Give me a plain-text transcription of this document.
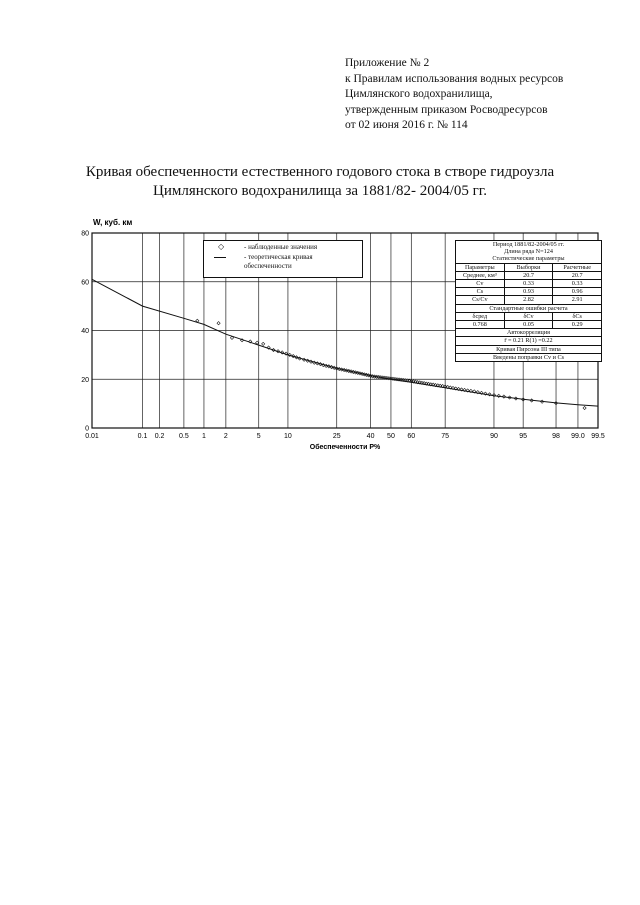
Приложение № 2
к Правилам использования водных ресурсов
Цимлянского водохранилища,
утвержденным приказом Росводресурсов
от 02 июня 2016 г. № 114
Кривая обеспеченности естественного годового стока в створе гидроузла
Цимлянского водохранилища за 1881/82- 2004/05 гг.
0.01	0.1 0.2 0.5 1	2	5	10	25	40 50 60	75	90	95	98 99.0 99.5
0
20
40
60
80
W, куб. км
Обеспеченности P%
◇	- наблюденные значения
- теоретическая кривая
обеспеченности
Период 1881/82-2004/05 гг.
Длина ряда N=124
Статистические параметры
Параметры	Выборки	Расчетные
Среднее, км³	20.7	20.7
Cv	0.33	0.33
Cs	0.93	0.96
Cs/Cv	2.82	2.91
Стандартные ошибки расчета
δсред	δCv	δCs
0.768	0.05	0.29
Автокорреляция
r̄ = 0.21 R(1) =0.22
Кривая Пирсона III типа
Введены поправки Cv и Cs
